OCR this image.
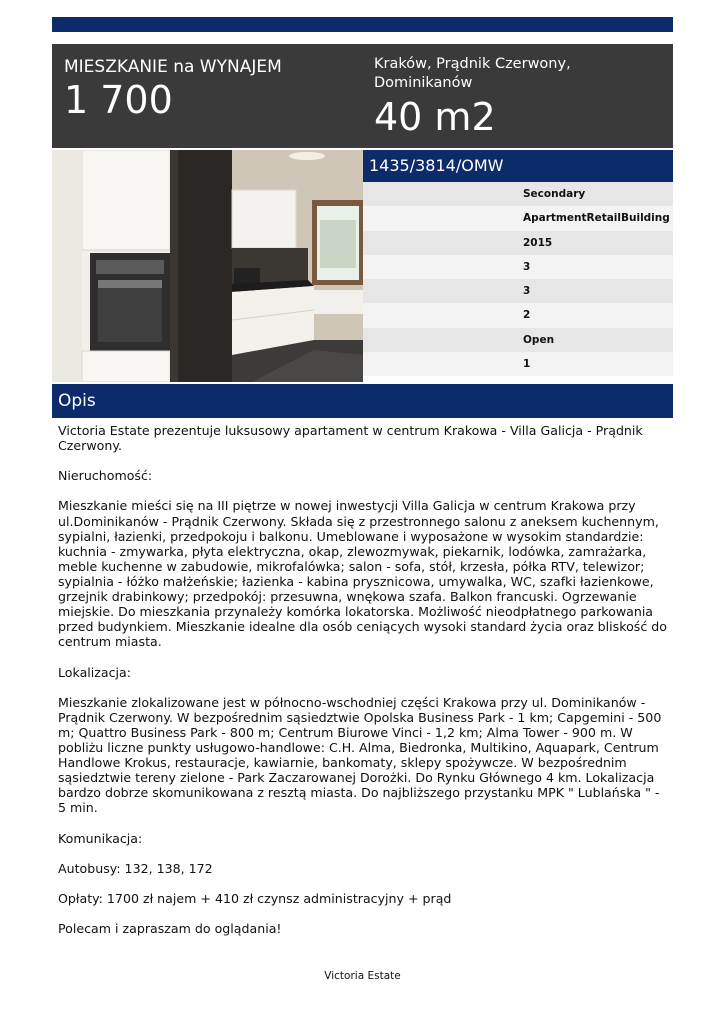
MIESZKANIE na WYNAJEM
1 700
Kraków, Prądnik Czerwony, Dominikanów
40 m2
1435/3814/OMW
Secondary
ApartmentRetailBuilding
2015
3
3
2
Open
1
Opis

Victoria Estate prezentuje luksusowy apartament w centrum Krakowa - Villa Galicja - Prądnik Czerwony.

Nieruchomość:

Mieszkanie mieści się na III piętrze w nowej inwestycji Villa Galicja w centrum Krakowa przy ul.Dominikanów - Prądnik Czerwony. Składa się z przestronnego salonu z aneksem kuchennym, sypialni, łazienki, przedpokoju i balkonu. Umeblowane i wyposażone w wysokim standardzie: kuchnia - zmywarka, płyta elektryczna, okap, zlewozmywak, piekarnik, lodówka, zamrażarka, meble kuchenne w zabudowie, mikrofalówka; salon - sofa, stół, krzesła, półka RTV, telewizor; sypialnia - łóżko małżeńskie; łazienka - kabina prysznicowa, umywalka, WC, szafki łazienkowe, grzejnik drabinkowy; przedpokój: przesuwna, wnękowa szafa. Balkon francuski. Ogrzewanie miejskie. Do mieszkania przynależy komórka lokatorska. Możliwość nieodpłatnego parkowania przed budynkiem. Mieszkanie idealne dla osób ceniących wysoki standard życia oraz bliskość do centrum miasta.

Lokalizacja:

Mieszkanie zlokalizowane jest w północno-wschodniej części Krakowa przy ul. Dominikanów - Prądnik Czerwony. W bezpośrednim sąsiedztwie Opolska Business Park - 1 km; Capgemini - 500 m; Quattro Business Park - 800 m; Centrum Biurowe Vinci - 1,2 km; Alma Tower - 900 m. W pobliżu liczne punkty usługowo-handlowe: C.H. Alma, Biedronka, Multikino, Aquapark, Centrum Handlowe Krokus, restauracje, kawiarnie, bankomaty, sklepy spożywcze. W bezpośrednim sąsiedztwie tereny zielone - Park Zaczarowanej Dorożki. Do Rynku Głównego 4 km. Lokalizacja bardzo dobrze skomunikowana z resztą miasta. Do najbliższego przystanku MPK " Lublańska " - 5 min.

Komunikacja:

Autobusy: 132, 138, 172

Opłaty: 1700 zł najem + 410 zł czynsz administracyjny + prąd

Polecam i zapraszam do oglądania!

Victoria Estate
